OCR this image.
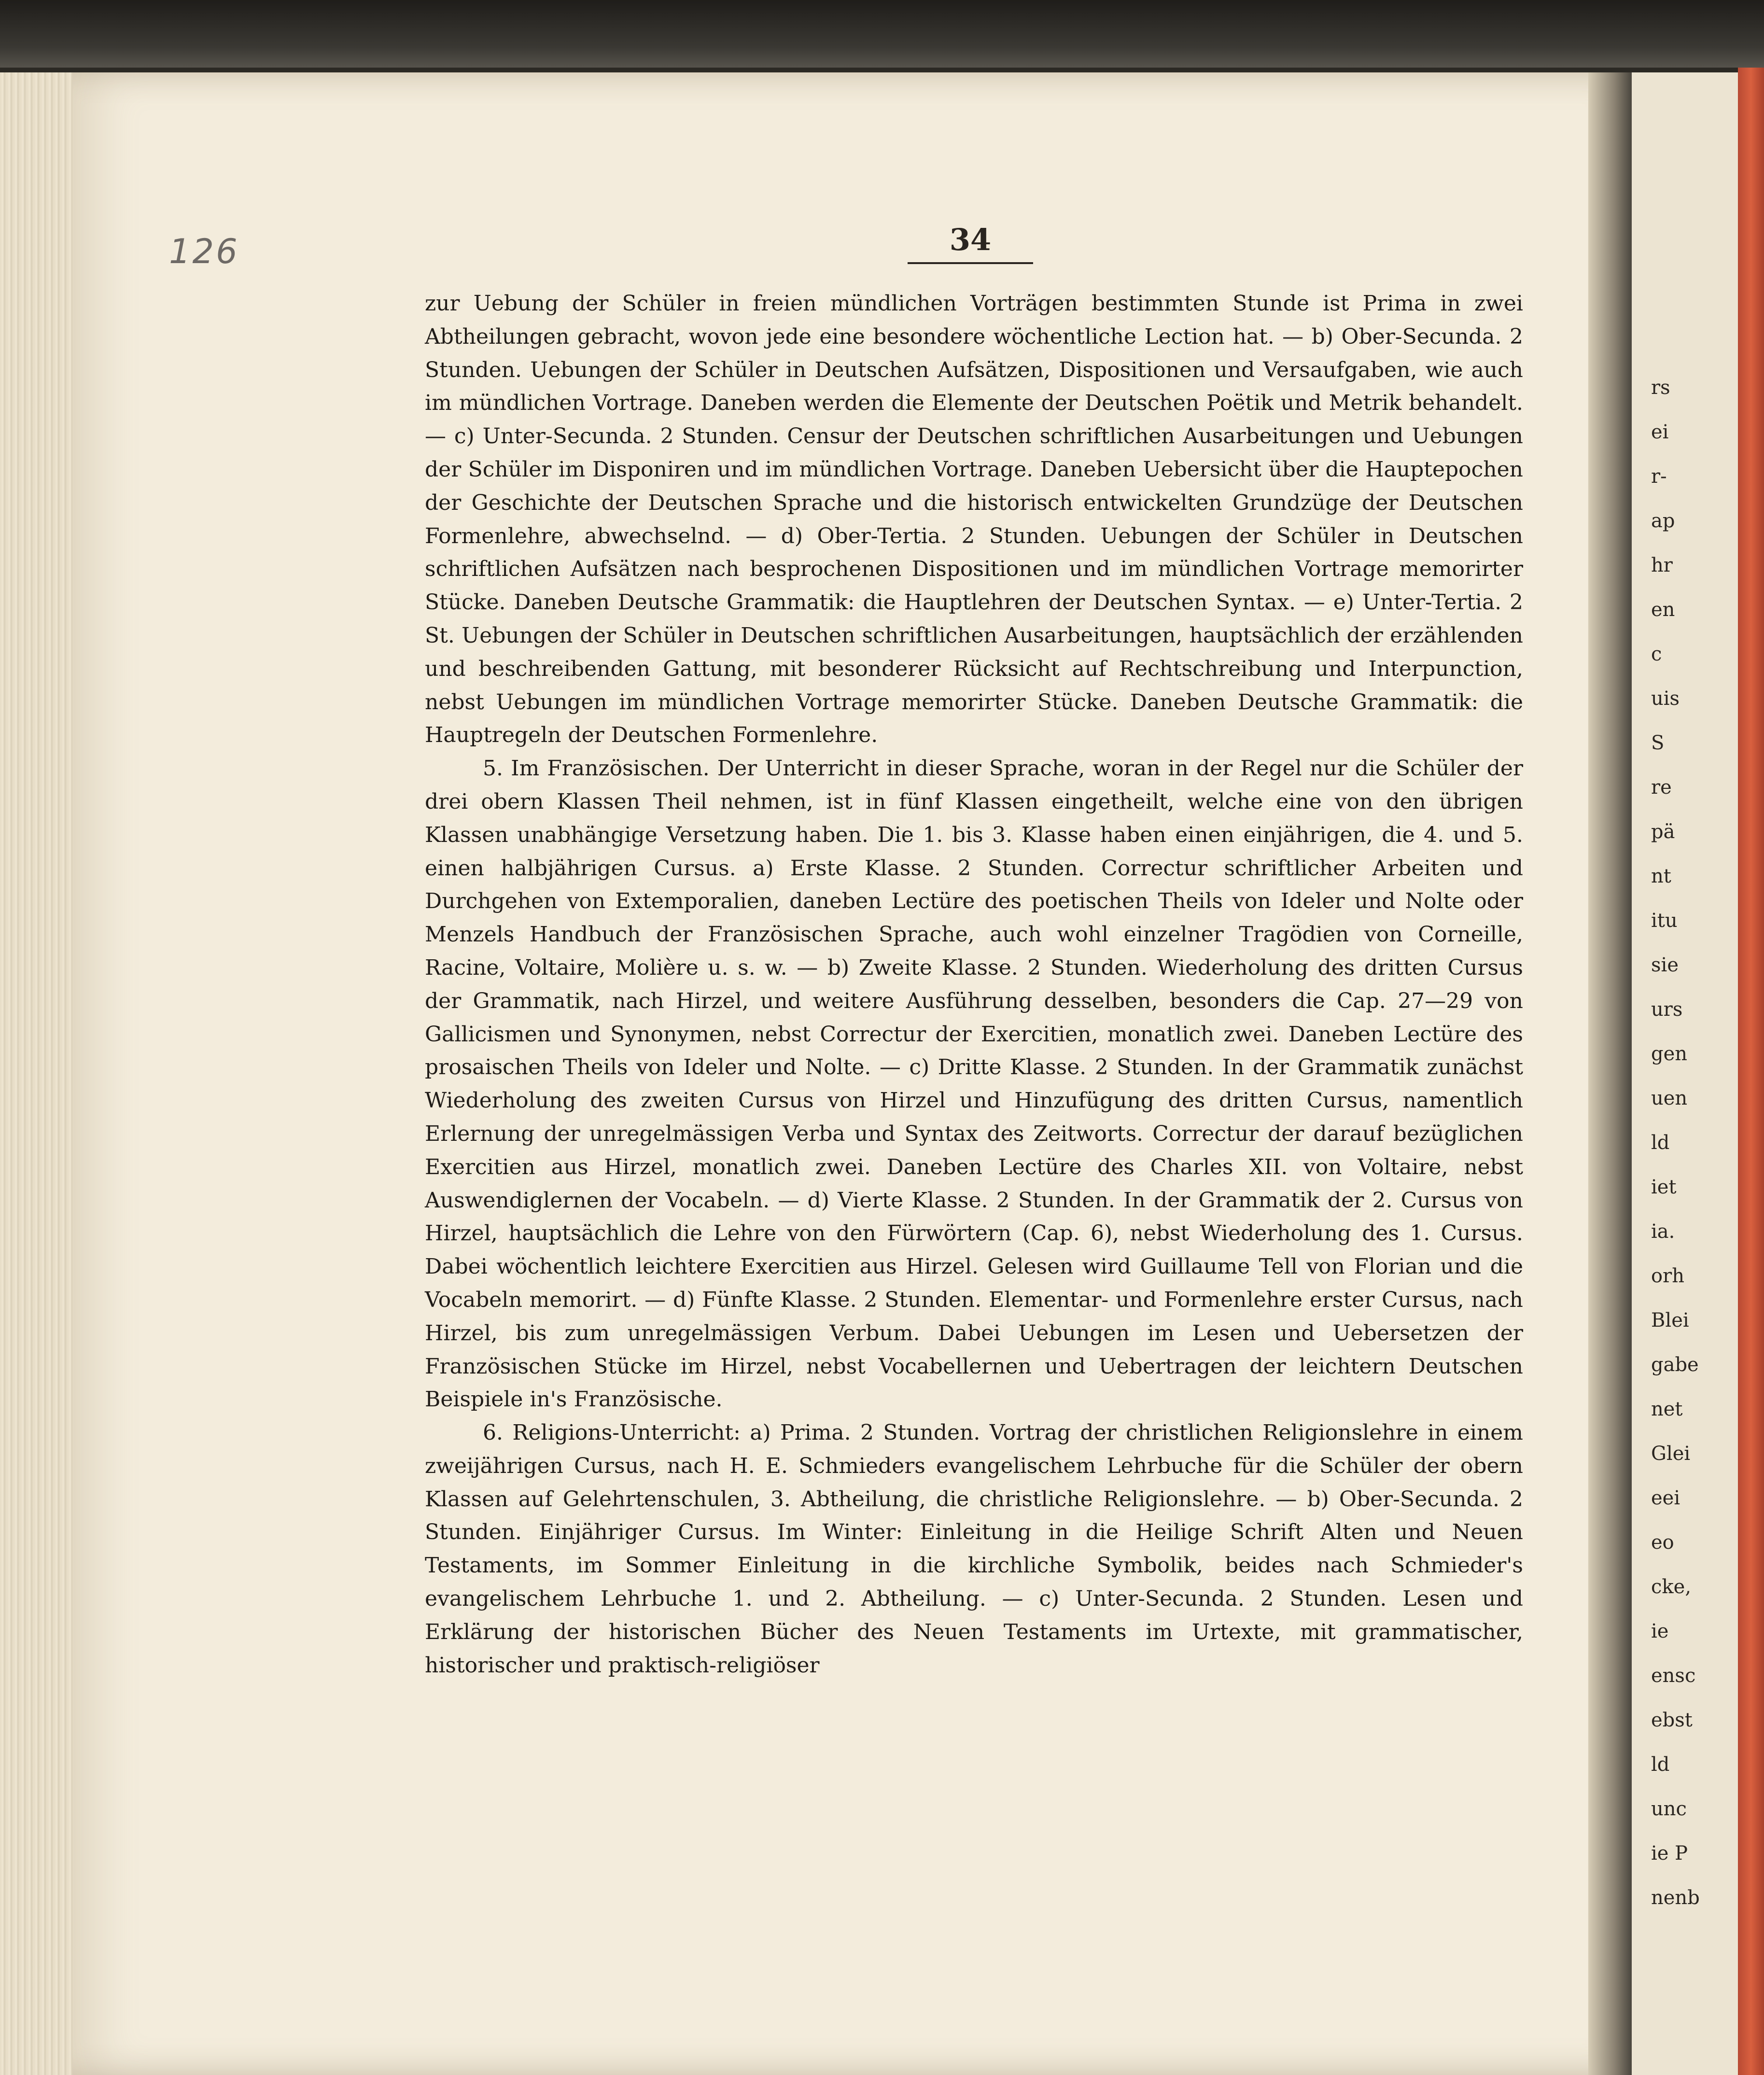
126	34

zur Uebung der Schüler in freien mündlichen Vorträgen bestimmten Stunde ist Prima in zwei Abtheilungen gebracht, wovon jede eine besondere wöchentliche Lection hat. — b) Ober-Secunda. 2 Stunden. Uebungen der Schüler in Deutschen Aufsätzen, Dispositionen und Versaufgaben, wie auch im mündlichen Vortrage. Daneben werden die Elemente der Deutschen Poëtik und Metrik behandelt. — c) Unter-Secunda. 2 Stunden. Censur der Deutschen schriftlichen Ausarbeitungen und Uebungen der Schüler im Disponiren und im mündlichen Vortrage. Daneben Uebersicht über die Hauptepochen der Geschichte der Deutschen Sprache und die historisch entwickelten Grundzüge der Deutschen Formenlehre, abwechselnd. — d) Ober-Tertia. 2 Stunden. Uebungen der Schüler in Deutschen schriftlichen Aufsätzen nach besprochenen Dispositionen und im mündlichen Vortrage memorirter Stücke. Daneben Deutsche Grammatik: die Hauptlehren der Deutschen Syntax. — e) Unter-Tertia. 2 St. Uebungen der Schüler in Deutschen schriftlichen Ausarbeitungen, hauptsächlich der erzählenden und beschreibenden Gattung, mit besonderer Rücksicht auf Rechtschreibung und Interpunction, nebst Uebungen im mündlichen Vortrage memorirter Stücke. Daneben Deutsche Grammatik: die Hauptregeln der Deutschen Formenlehre.

5. Im Französischen. Der Unterricht in dieser Sprache, woran in der Regel nur die Schüler der drei obern Klassen Theil nehmen, ist in fünf Klassen eingetheilt, welche eine von den übrigen Klassen unabhängige Versetzung haben. Die 1. bis 3. Klasse haben einen einjährigen, die 4. und 5. einen halbjährigen Cursus. a) Erste Klasse. 2 Stunden. Correctur schriftlicher Arbeiten und Durchgehen von Extemporalien, daneben Lectüre des poetischen Theils von Ideler und Nolte oder Menzels Handbuch der Französischen Sprache, auch wohl einzelner Tragödien von Corneille, Racine, Voltaire, Molière u. s. w. — b) Zweite Klasse. 2 Stunden. Wiederholung des dritten Cursus der Grammatik, nach Hirzel, und weitere Ausführung desselben, besonders die Cap. 27—29 von Gallicismen und Synonymen, nebst Correctur der Exercitien, monatlich zwei. Daneben Lectüre des prosaischen Theils von Ideler und Nolte. — c) Dritte Klasse. 2 Stunden. In der Grammatik zunächst Wiederholung des zweiten Cursus von Hirzel und Hinzufügung des dritten Cursus, namentlich Erlernung der unregelmässigen Verba und Syntax des Zeitworts. Correctur der darauf bezüglichen Exercitien aus Hirzel, monatlich zwei. Daneben Lectüre des Charles XII. von Voltaire, nebst Auswendiglernen der Vocabeln. — d) Vierte Klasse. 2 Stunden. In der Grammatik der 2. Cursus von Hirzel, hauptsächlich die Lehre von den Fürwörtern (Cap. 6), nebst Wiederholung des 1. Cursus. Dabei wöchentlich leichtere Exercitien aus Hirzel. Gelesen wird Guillaume Tell von Florian und die Vocabeln memorirt. — d) Fünfte Klasse. 2 Stunden. Elementar- und Formenlehre erster Cursus, nach Hirzel, bis zum unregelmässigen Verbum. Dabei Uebungen im Lesen und Uebersetzen der Französischen Stücke im Hirzel, nebst Vocabellernen und Uebertragen der leichtern Deutschen Beispiele in's Französische.

6. Religions-Unterricht: a) Prima. 2 Stunden. Vortrag der christlichen Religionslehre in einem zweijährigen Cursus, nach H. E. Schmieders evangelischem Lehrbuche für die Schüler der obern Klassen auf Gelehrtenschulen, 3. Abtheilung, die christliche Religionslehre. — b) Ober-Secunda. 2 Stunden. Einjähriger Cursus. Im Winter: Einleitung in die Heilige Schrift Alten und Neuen Testaments, im Sommer Einleitung in die kirchliche Symbolik, beides nach Schmieder's evangelischem Lehrbuche 1. und 2. Abtheilung. — c) Unter-Secunda. 2 Stunden. Lesen und Erklärung der historischen Bücher des Neuen Testaments im Urtexte, mit grammatischer, historischer und praktisch-religiöser

rs
ei
r-
ap
hr
en
c
uis
S
re
pä
nt
itu
sie
urs
gen
uen
ld
iet
ia.
orh
Blei
gabe
net
Glei
eei
eo
cke,
ie
ensc
ebst
ld
unc
ie P
nenb
